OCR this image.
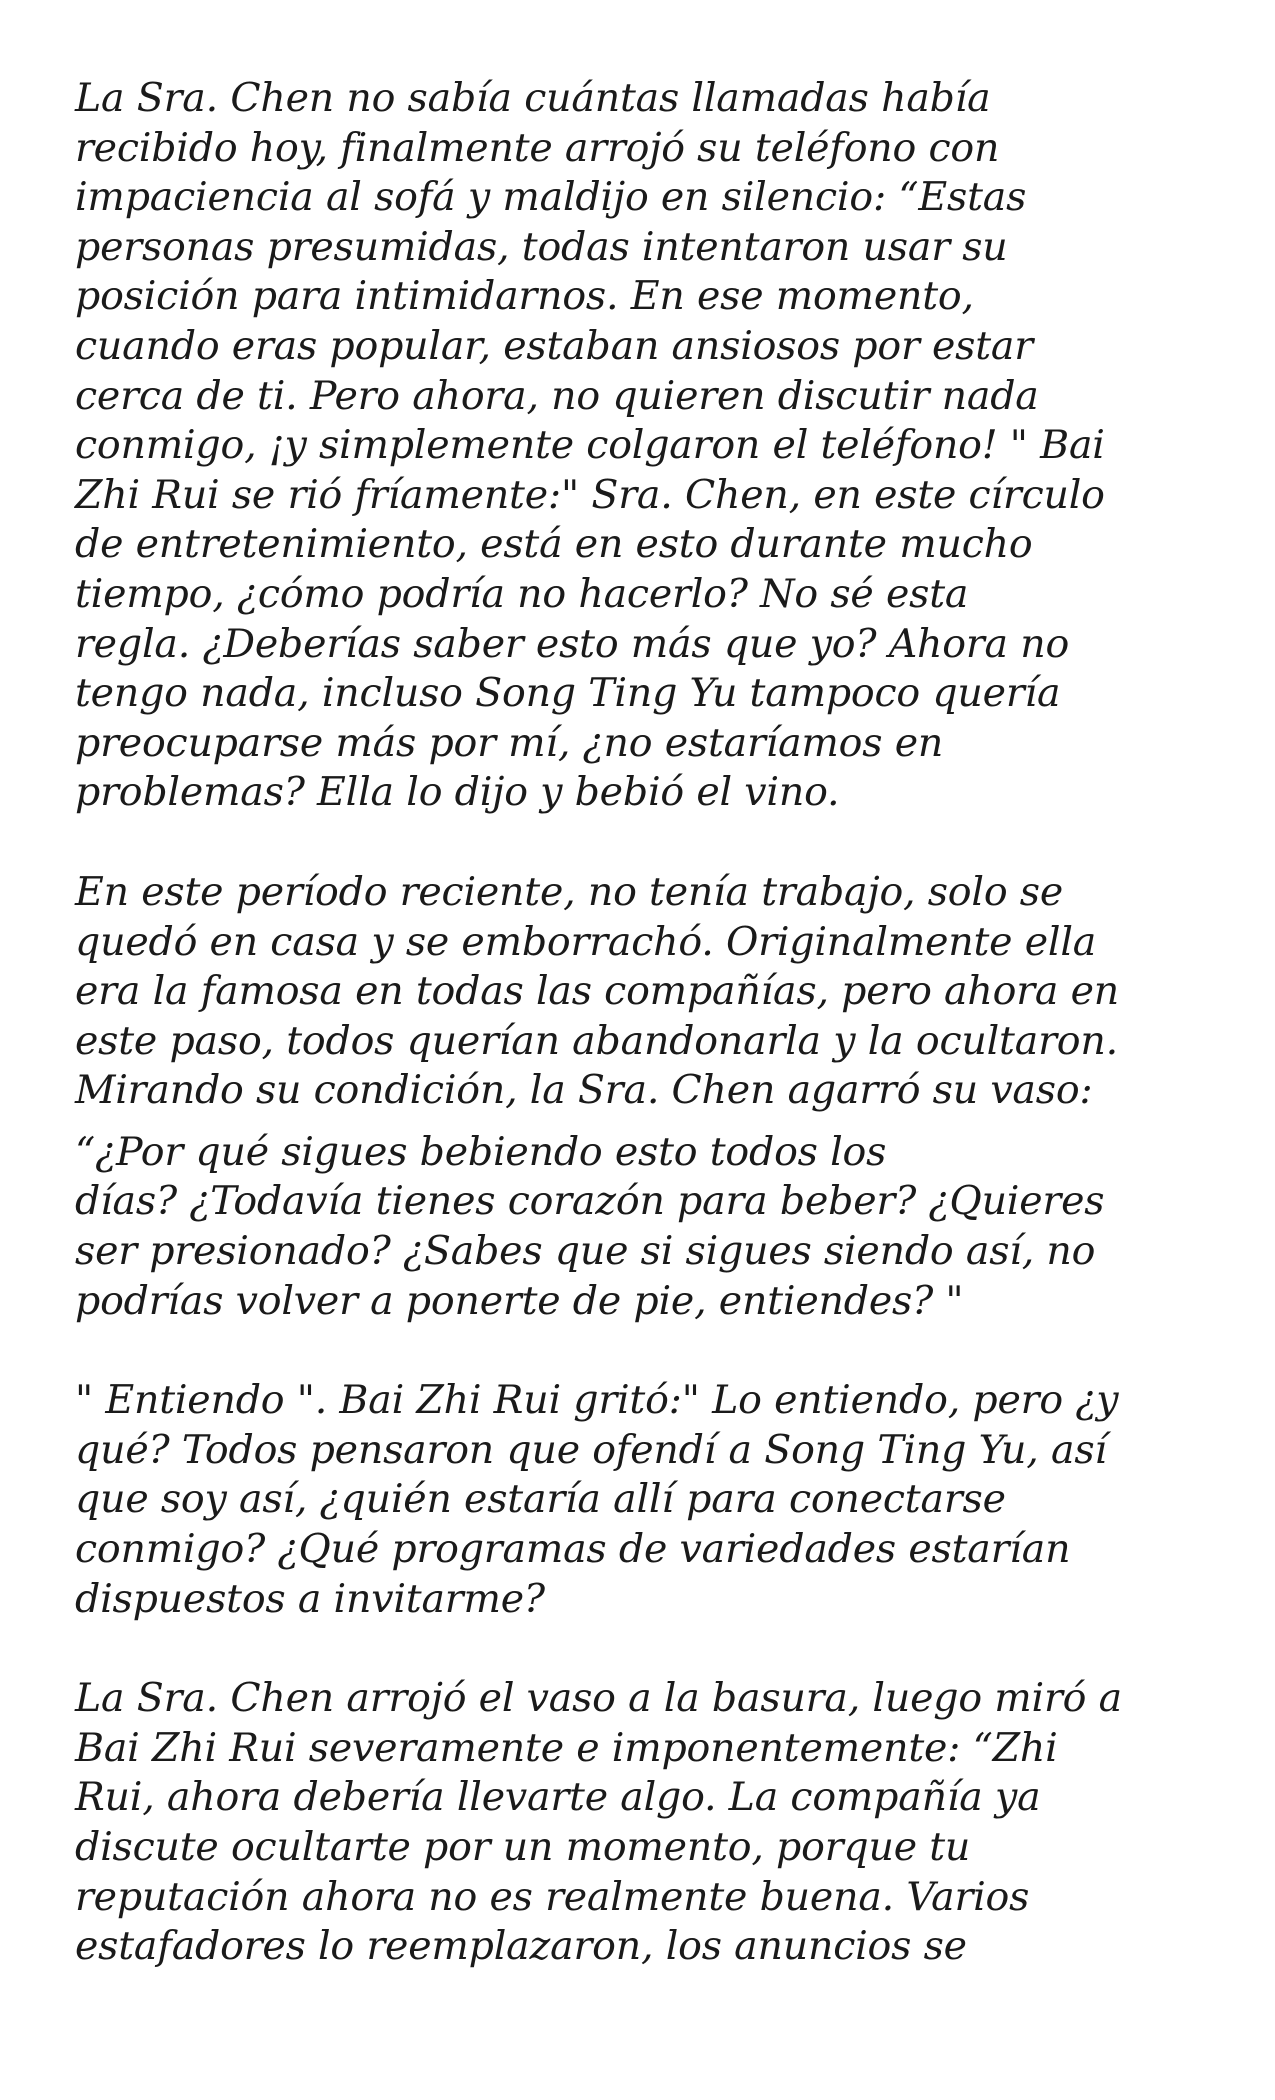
La Sra. Chen no sabía cuántas llamadas había
recibido hoy, finalmente arrojó su teléfono con
impaciencia al sofá y maldijo en silencio: “Estas
personas presumidas, todas intentaron usar su
posición para intimidarnos. En ese momento,
cuando eras popular, estaban ansiosos por estar
cerca de ti. Pero ahora, no quieren discutir nada
conmigo, ¡y simplemente colgaron el teléfono! " Bai
Zhi Rui se rió fríamente:" Sra. Chen, en este círculo
de entretenimiento, está en esto durante mucho
tiempo, ¿cómo podría no hacerlo? No sé esta
regla. ¿Deberías saber esto más que yo? Ahora no
tengo nada, incluso Song Ting Yu tampoco quería
preocuparse más por mí, ¿no estaríamos en
problemas? Ella lo dijo y bebió el vino.
En este período reciente, no tenía trabajo, solo se
quedó en casa y se emborrachó. Originalmente ella
era la famosa en todas las compañías, pero ahora en
este paso, todos querían abandonarla y la ocultaron.
Mirando su condición, la Sra. Chen agarró su vaso:
“¿Por qué sigues bebiendo esto todos los
días? ¿Todavía tienes corazón para beber? ¿Quieres
ser presionado? ¿Sabes que si sigues siendo así, no
podrías volver a ponerte de pie, entiendes? "
" Entiendo ". Bai Zhi Rui gritó:" Lo entiendo, pero ¿y
qué? Todos pensaron que ofendí a Song Ting Yu, así
que soy así, ¿quién estaría allí para conectarse
conmigo? ¿Qué programas de variedades estarían
dispuestos a invitarme?
La Sra. Chen arrojó el vaso a la basura, luego miró a
Bai Zhi Rui severamente e imponentemente: “Zhi
Rui, ahora debería llevarte algo. La compañía ya
discute ocultarte por un momento, porque tu
reputación ahora no es realmente buena. Varios
estafadores lo reemplazaron, los anuncios se
